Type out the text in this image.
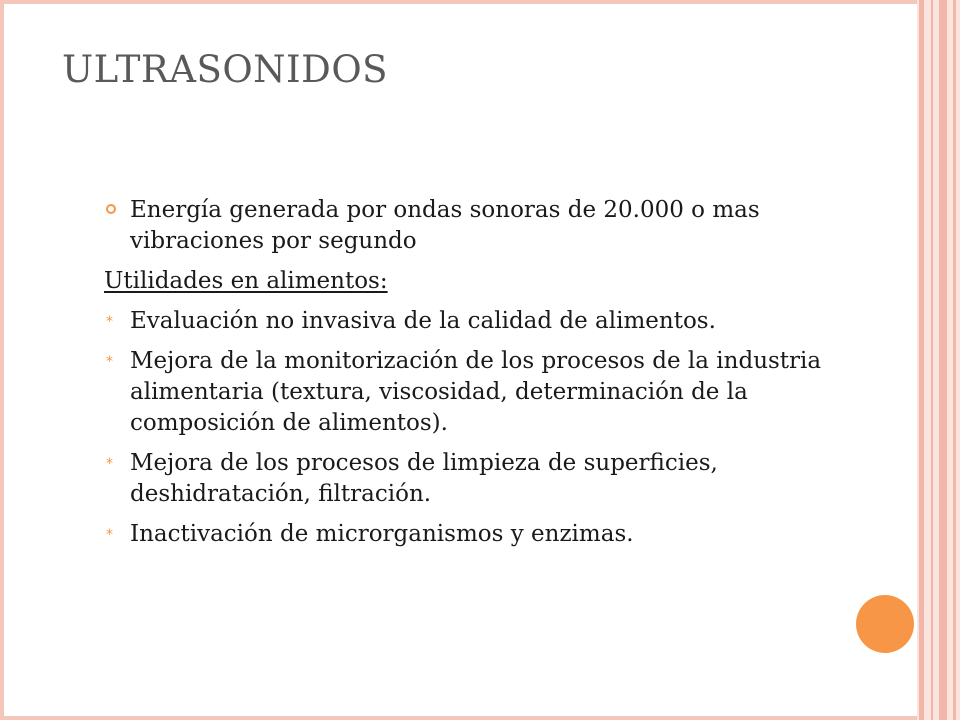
ULTRASONIDOS
Energía generada por ondas sonoras de 20.000 o mas vibraciones por segundo

Utilidades en alimentos:

* Evaluación no invasiva de la calidad de alimentos.
* Mejora de la monitorización de los procesos de la industria alimentaria (textura, viscosidad, determinación de la composición de alimentos).
* Mejora de los procesos de limpieza de superficies, deshidratación, filtración.
* Inactivación de microrganismos y enzimas.
